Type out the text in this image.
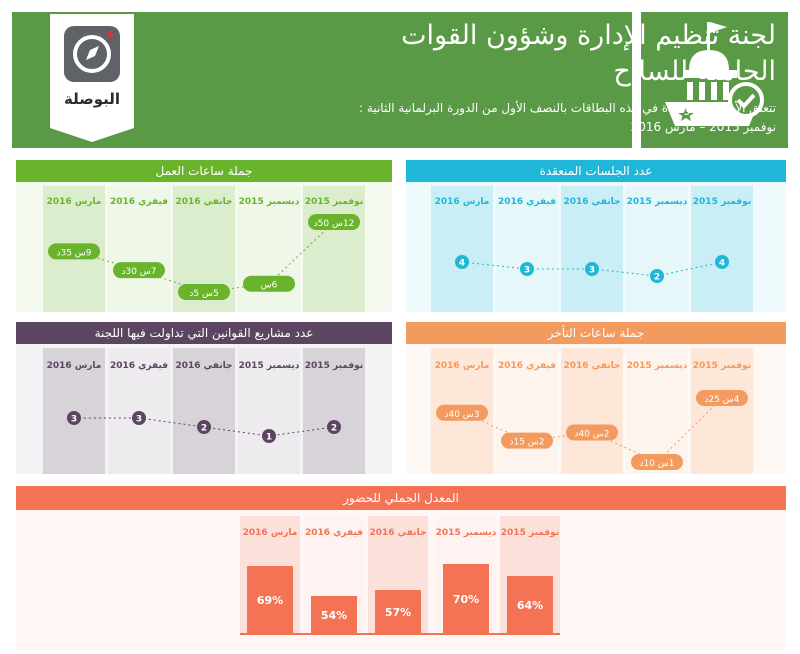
البوصلة
لجنة تنظيم الإدارة وشؤون القوات
الحاملة للسلاح
تتعلق الأرقام المتواجدة في هذه البطاقات بالنصف الأول من الدورة البرلمانية الثانية :
نوفمبر 2015 – مارس 2016
جملة ساعات العمل
نوفمبر 2015
ديسمبر 2015
جانفي 2016
فيفري 2016
مارس 2016
12س 50د
6س
5س 5د
7س 30د
9س 35د
عدد الجلسات المنعقدة
نوفمبر 2015
ديسمبر 2015
جانفي 2016
فيفري 2016
مارس 2016
4
2
3
3
4
عدد مشاريع القوانين التي تداولت فيها اللجنة
نوفمبر 2015
ديسمبر 2015
جانفي 2016
فيفري 2016
مارس 2016
2
1
2
3
3
جملة ساعات التأخر
نوفمبر 2015
ديسمبر 2015
جانفي 2016
فيفري 2016
مارس 2016
4س 25د
1س 10د
2س 40د
2س 15د
3س 40د
المعدل الجملي للحضور
نوفمبر 2015
ديسمبر 2015
جانفي 2016
فيفري 2016
مارس 2016
64%
70%
57%
54%
69%
